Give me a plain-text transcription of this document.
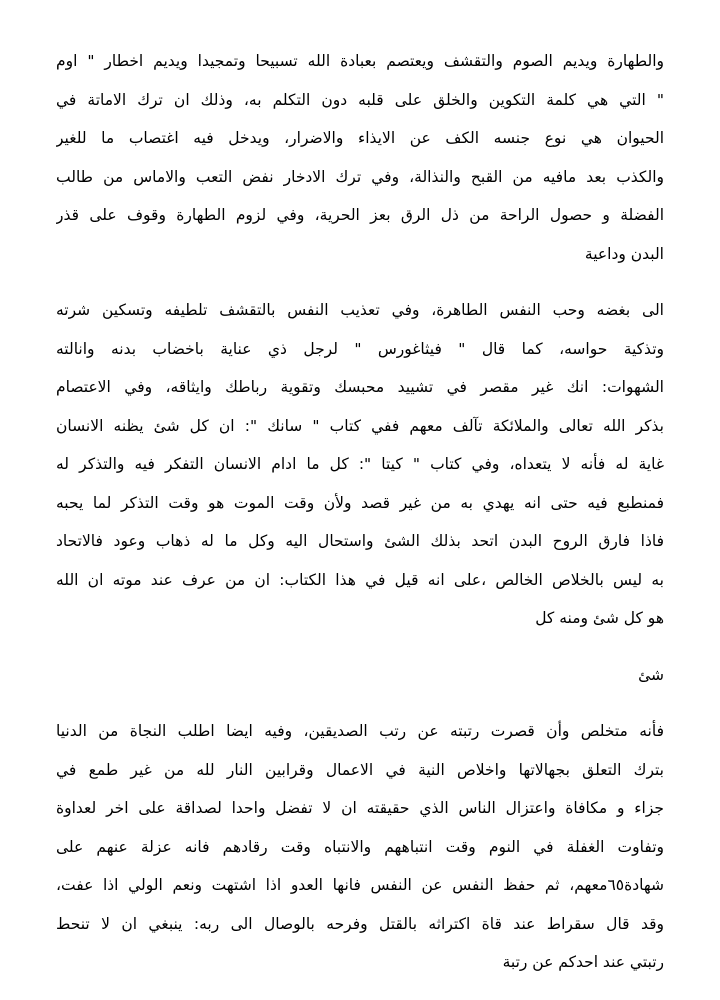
والطهارة ويديم الصوم والتقشف ويعتصم بعبادة الله تسبيحا وتمجيدا ويديم اخطار " اوم
" التي هي كلمة التكوين والخلق على قلبه دون التكلم به، وذلك ان ترك الاماتة في
الحيوان هي نوع جنسه الكف عن الايذاء والاضرار، ويدخل فيه اغتصاب ما للغير
والكذب بعد مافيه من القبح والنذالة، وفي ترك الادخار نفض التعب والاماس من طالب
الفضلة و حصول الراحة من ذل الرق بعز الحرية، وفي لزوم الطهارة وقوف على قذر
البدن وداعية
الى بغضه وحب النفس الطاهرة، وفي تعذيب النفس بالتقشف تلطيفه وتسكين شرته
وتذكية حواسه، كما قال " فيثاغورس " لرجل ذي عناية باخضاب بدنه وانالته
الشهوات: انك غير مقصر في تشييد محبسك وتقوية رباطك وايثاقه، وفي الاعتصام
بذكر الله تعالى والملائكة تآلف معهم ففي كتاب " سانك ": ان كل شئ يظنه الانسان
غاية له فأنه لا يتعداه، وفي كتاب " كيتا ": كل ما ادام الانسان التفكر فيه والتذكر له
فمنطبع فيه حتى انه يهدي به من غير قصد ولأن وقت الموت هو وقت التذكر لما يحبه
فاذا فارق الروح البدن اتحد بذلك الشئ واستحال اليه وكل ما له ذهاب وعود فالاتحاد
به ليس بالخلاص الخالص ،على انه قيل في هذا الكتاب: ان من عرف عند موته ان الله
هو كل شئ ومنه كل
شئ
فأنه متخلص وأن قصرت رتبته عن رتب الصديقين، وفيه ايضا اطلب النجاة من الدنيا
بترك التعلق بجهالاتها واخلاص النية في الاعمال وقرابين النار لله من غير طمع في
جزاء و مكافاة واعتزال الناس الذي حقيقته ان لا تفضل واحدا لصداقة على اخر لعداوة
وتفاوت الغفلة في النوم وقت انتباههم والانتباه وقت رقادهم فانه عزلة عنهم على
شهادة٦٥معهم، ثم حفظ النفس عن النفس فانها العدو اذا اشتهت ونعم الولي اذا عفت،
وقد قال سقراط عند قاة اكتراثه بالقتل وفرحه بالوصال الى ربه: ينبغي ان لا تنحط
رتبتي عند احدكم عن رتبة
